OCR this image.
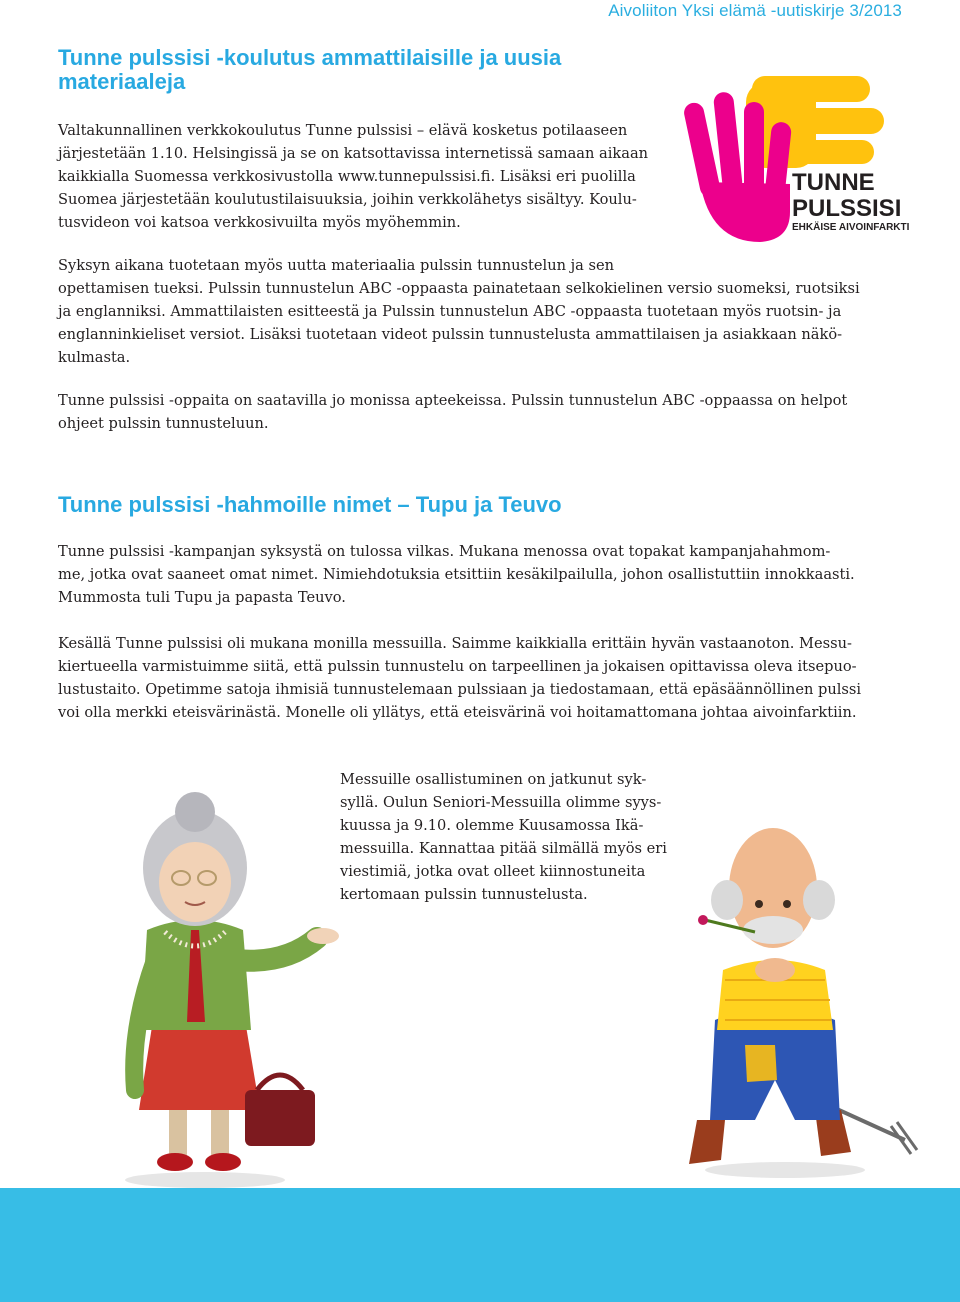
Aivoliiton Yksi elämä -uutiskirje 3/2013
Tunne pulssisi -koulutus ammattilaisille ja uusia
materiaaleja
Valtakunnallinen verkkokoulutus Tunne pulssisi – elävä kosketus potilaaseen
järjestetään 1.10. Helsingissä ja se on katsottavissa internetissä samaan aikaan
kaikkialla Suomessa verkkosivustolla www.tunnepulssisi.fi. Lisäksi eri puolilla
Suomea järjestetään koulutustilaisuuksia, joihin verkkolähetys sisältyy. Koulu-
tusvideon voi katsoa verkkosivuilta myös myöhemmin.
Syksyn aikana tuotetaan myös uutta materiaalia pulssin tunnustelun ja sen
opettamisen tueksi. Pulssin tunnustelun ABC -oppaasta painatetaan selkokielinen versio suomeksi, ruotsiksi
ja englanniksi. Ammattilaisten esitteestä ja Pulssin tunnustelun ABC -oppaasta tuotetaan myös ruotsin- ja
englanninkieliset versiot. Lisäksi tuotetaan videot pulssin tunnustelusta ammattilaisen ja asiakkaan näkö-
kulmasta.
Tunne pulssisi -oppaita on saatavilla jo monissa apteekeissa. Pulssin tunnustelun ABC -oppaassa on helpot
ohjeet pulssin tunnusteluun.
TUNNE
PULSSISI
EHKÄISE AIVOINFARKTI
Tunne pulssisi -hahmoille nimet – Tupu ja Teuvo
Tunne pulssisi -kampanjan syksystä on tulossa vilkas. Mukana menossa ovat topakat kampanjahahmom-
me, jotka ovat saaneet omat nimet. Nimiehdotuksia etsittiin kesäkilpailulla, johon osallistuttiin innokkaasti.
Mummosta tuli Tupu ja papasta Teuvo.
Kesällä Tunne pulssisi oli mukana monilla messuilla. Saimme kaikkialla erittäin hyvän vastaanoton. Messu-
kiertueella varmistuimme siitä, että pulssin tunnustelu on tarpeellinen ja jokaisen opittavissa oleva itsepuo-
lustustaito. Opetimme satoja ihmisiä tunnustelemaan pulssiaan ja tiedostamaan, että epäsäännöllinen pulssi
voi olla merkki eteisvärinästä. Monelle oli yllätys, että eteisvärinä voi hoitamattomana johtaa aivoinfarktiin.
Messuille osallistuminen on jatkunut syk-
syllä. Oulun Seniori-Messuilla olimme syys-
kuussa ja 9.10. olemme Kuusamossa Ikä-
messuilla. Kannattaa pitää silmällä myös eri
viestimiä, jotka ovat olleet kiinnostuneita
kertomaan pulssin tunnustelusta.
